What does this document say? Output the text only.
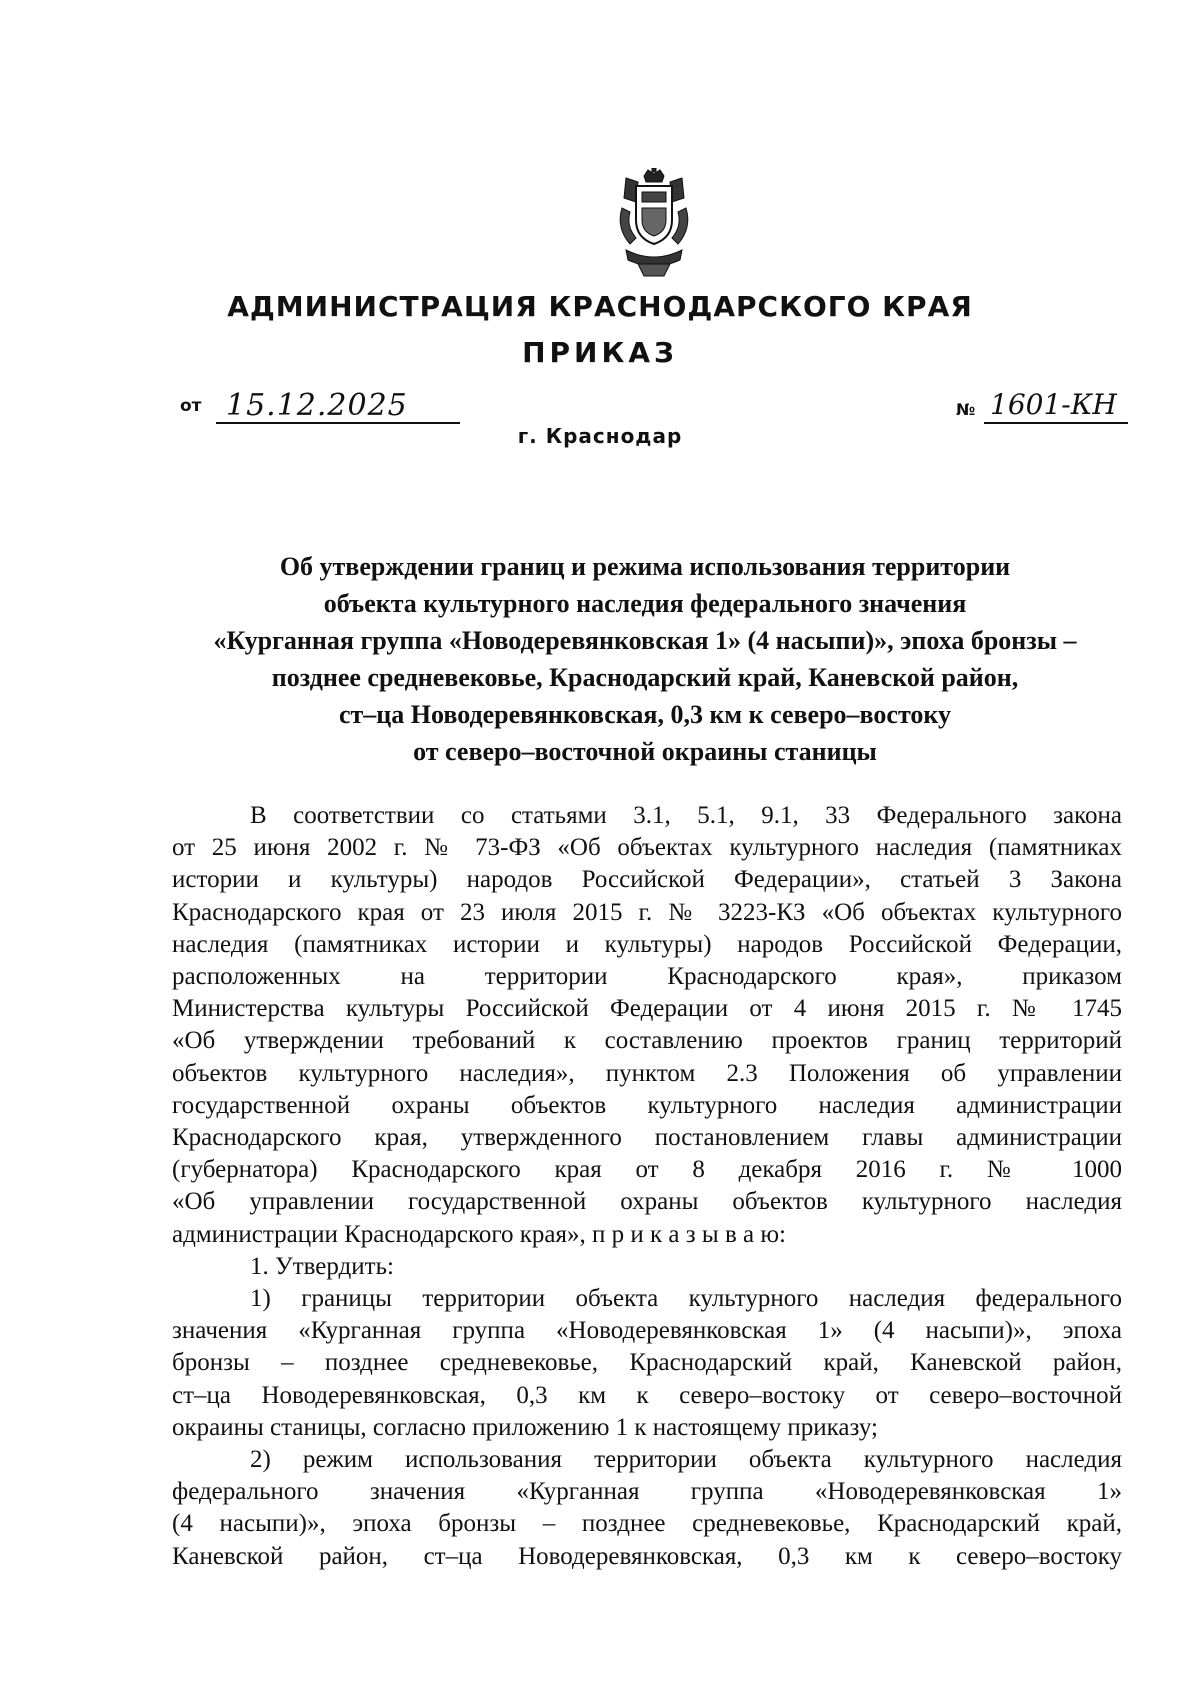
АДМИНИСТРАЦИЯ КРАСНОДАРСКОГО КРАЯ
ПРИКАЗ
от 15.12.2025
г. Краснодар
№ 1601-КН
Об утверждении границ и режима использования территории
объекта культурного наследия федерального значения
«Курганная группа «Новодеревянковская 1» (4 насыпи)», эпоха бронзы –
позднее средневековье, Краснодарский край, Каневской район,
ст–ца Новодеревянковская, 0,3 км к северо–востоку
от северо–восточной окраины станицы
В соответствии со статьями 3.1, 5.1, 9.1, 33 Федерального закона
от 25 июня 2002 г. № 73-ФЗ «Об объектах культурного наследия (памятниках
истории и культуры) народов Российской Федерации», статьей 3 Закона
Краснодарского края от 23 июля 2015 г. № 3223-КЗ «Об объектах культурного
наследия (памятниках истории и культуры) народов Российской Федерации,
расположенных на территории Краснодарского края», приказом
Министерства культуры Российской Федерации от 4 июня 2015 г. № 1745
«Об утверждении требований к составлению проектов границ территорий
объектов культурного наследия», пунктом 2.3 Положения об управлении
государственной охраны объектов культурного наследия администрации
Краснодарского края, утвержденного постановлением главы администрации
(губернатора) Краснодарского края от 8 декабря 2016 г. № 1000
«Об управлении государственной охраны объектов культурного наследия
администрации Краснодарского края», п р и к а з ы в а ю:
1. Утвердить:
1) границы территории объекта культурного наследия федерального
значения «Курганная группа «Новодеревянковская 1» (4 насыпи)», эпоха
бронзы – позднее средневековье, Краснодарский край, Каневской район,
ст–ца Новодеревянковская, 0,3 км к северо–востоку от северо–восточной
окраины станицы, согласно приложению 1 к настоящему приказу;
2) режим использования территории объекта культурного наследия
федерального значения «Курганная группа «Новодеревянковская 1»
(4 насыпи)», эпоха бронзы – позднее средневековье, Краснодарский край,
Каневской район, ст–ца Новодеревянковская, 0,3 км к северо–востоку
